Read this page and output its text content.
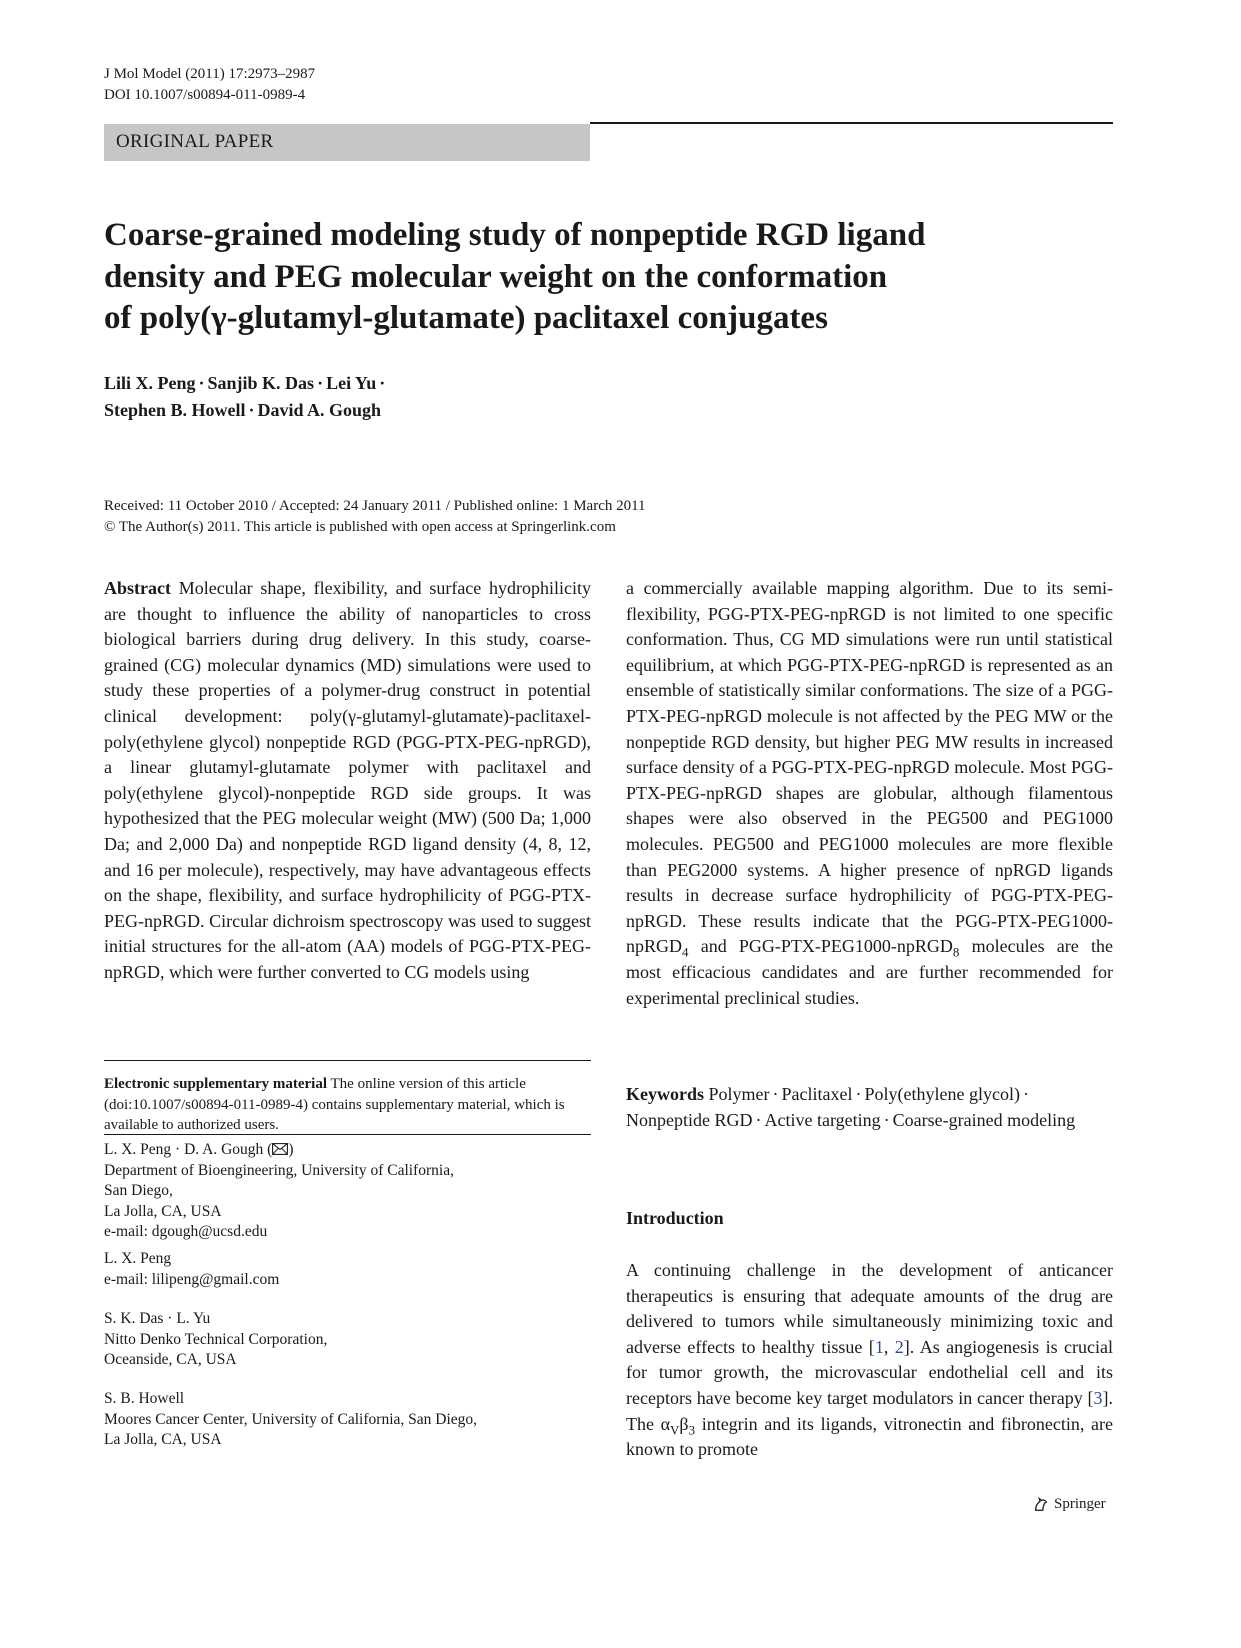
J Mol Model (2011) 17:2973–2987
DOI 10.1007/s00894-011-0989-4
ORIGINAL PAPER
Coarse-grained modeling study of nonpeptide RGD ligand
density and PEG molecular weight on the conformation
of poly(γ-glutamyl-glutamate) paclitaxel conjugates
Lili X. Peng · Sanjib K. Das · Lei Yu ·
Stephen B. Howell · David A. Gough
Received: 11 October 2010 / Accepted: 24 January 2011 / Published online: 1 March 2011
© The Author(s) 2011. This article is published with open access at Springerlink.com

Abstract Molecular shape, flexibility, and surface hydrophilicity are thought to influence the ability of nanoparticles to cross biological barriers during drug delivery. In this study, coarse-grained (CG) molecular dynamics (MD) simulations were used to study these properties of a polymer-drug construct in potential clinical development: poly(γ-glutamyl-glutamate)-paclitaxel-poly(ethylene glycol) nonpeptide RGD (PGG-PTX-PEG-npRGD), a linear glutamyl-glutamate polymer with paclitaxel and poly(ethylene glycol)-nonpeptide RGD side groups. It was hypothesized that the PEG molecular weight (MW) (500 Da; 1,000 Da; and 2,000 Da) and nonpeptide RGD ligand density (4, 8, 12, and 16 per molecule), respectively, may have advantageous effects on the shape, flexibility, and surface hydrophilicity of PGG-PTX-PEG-npRGD. Circular dichroism spectroscopy was used to suggest initial structures for the all-atom (AA) models of PGG-PTX-PEG-npRGD, which were further converted to CG models using

Electronic supplementary material The online version of this article (doi:10.1007/s00894-011-0989-4) contains supplementary material, which is available to authorized users.

L. X. Peng · D. A. Gough ( )

Department of Bioengineering, University of California,

San Diego,

La Jolla, CA, USA

e-mail: dgough@ucsd.edu

L. X. Peng

e-mail: lilipeng@gmail.com

S. K. Das · L. Yu

Nitto Denko Technical Corporation,

Oceanside, CA, USA

S. B. Howell

Moores Cancer Center, University of California, San Diego,

La Jolla, CA, USA

a commercially available mapping algorithm. Due to its semi-flexibility, PGG-PTX-PEG-npRGD is not limited to one specific conformation. Thus, CG MD simulations were run until statistical equilibrium, at which PGG-PTX-PEG-npRGD is represented as an ensemble of statistically similar conformations. The size of a PGG-PTX-PEG-npRGD molecule is not affected by the PEG MW or the nonpeptide RGD density, but higher PEG MW results in increased surface density of a PGG-PTX-PEG-npRGD molecule. Most PGG-PTX-PEG-npRGD shapes are globular, although filamentous shapes were also observed in the PEG500 and PEG1000 molecules. PEG500 and PEG1000 molecules are more flexible than PEG2000 systems. A higher presence of npRGD ligands results in decrease surface hydrophilicity of PGG-PTX-PEG-npRGD. These results indicate that the PGG-PTX-PEG1000-npRGD$_4$ and PGG-PTX-PEG1000-npRGD$_8$ molecules are the most efficacious candidates and are further recommended for experimental preclinical studies.

Keywords Polymer · Paclitaxel · Poly(ethylene glycol) ·
Nonpeptide RGD · Active targeting · Coarse-grained modeling
Introduction

A continuing challenge in the development of anticancer therapeutics is ensuring that adequate amounts of the drug are delivered to tumors while simultaneously minimizing toxic and adverse effects to healthy tissue [1, 2]. As angiogenesis is crucial for tumor growth, the microvascular endothelial cell and its receptors have become key target modulators in cancer therapy [3]. The $\alpha_V\beta_3$ integrin and its ligands, vitronectin and fibronectin, are known to promote

Springer
